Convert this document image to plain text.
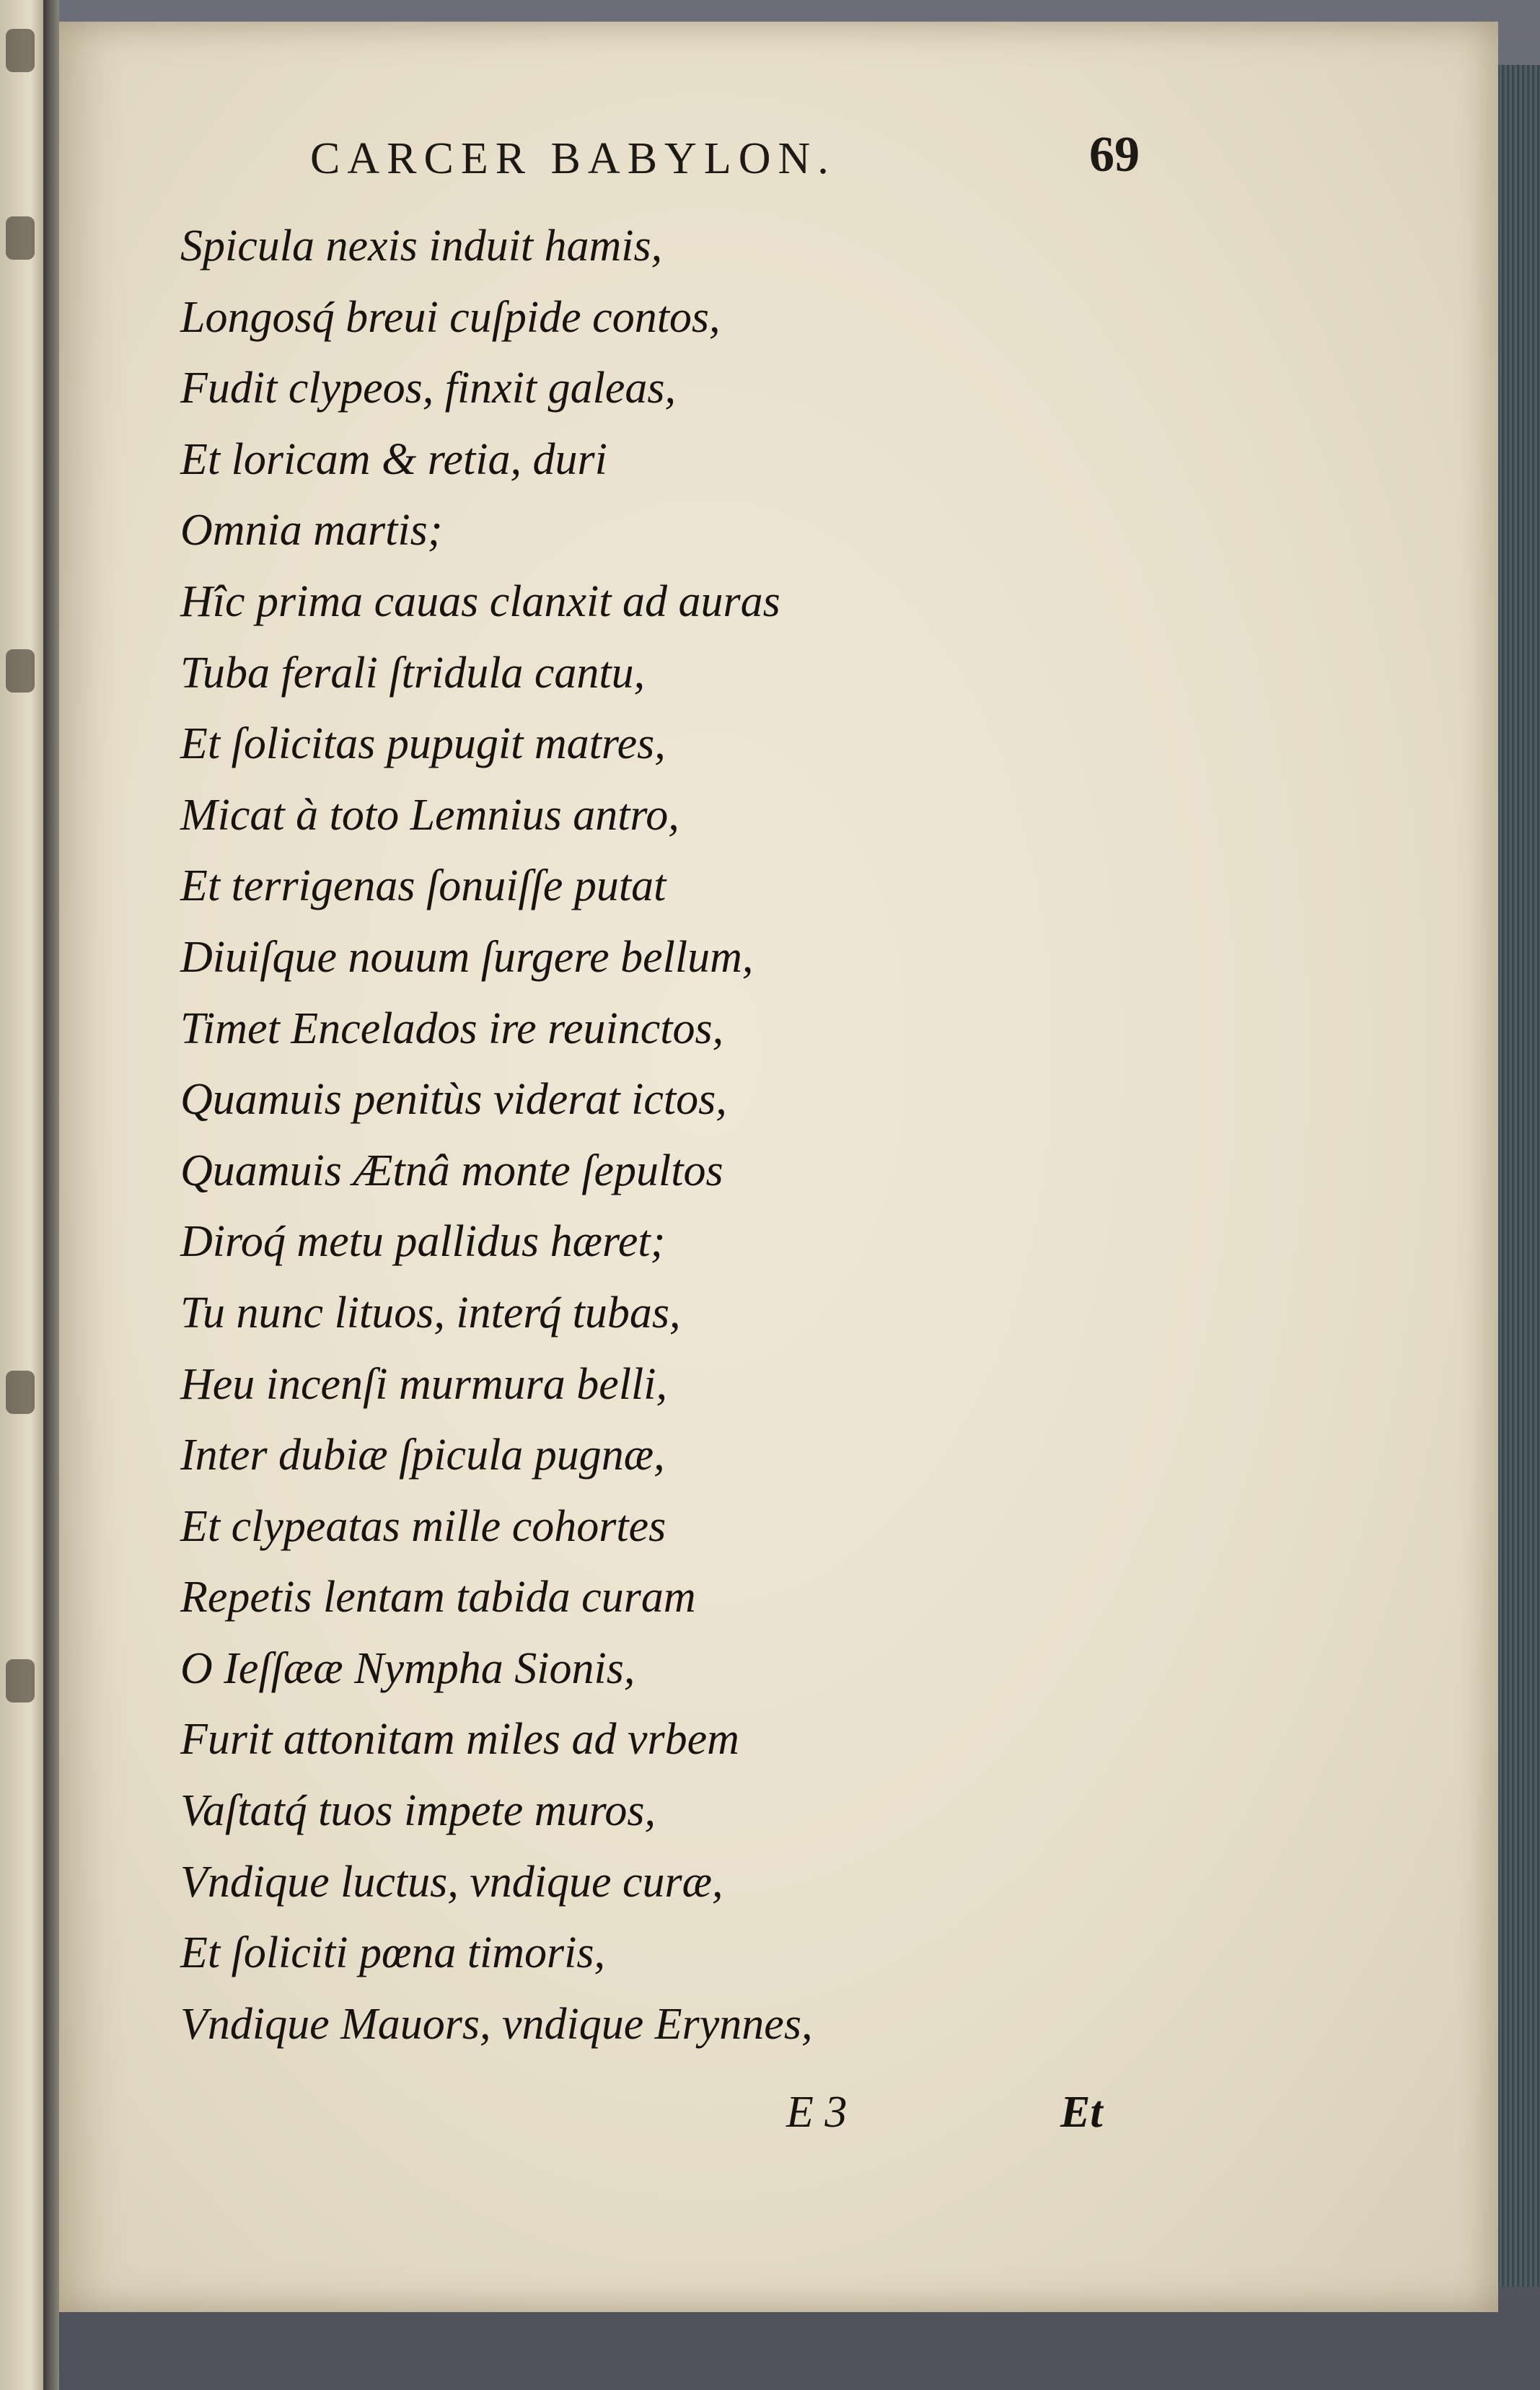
CARCER BABYLON.	69
Spicula nexis induit hamis,
Longosq́ breui cuſpide contos,
Fudit clypeos, finxit galeas,
Et loricam & retia, duri
Omnia martis;
Hîc prima cauas clanxit ad auras
Tuba ferali ſtridula cantu,
Et ſolicitas pupugit matres,
Micat à toto Lemnius antro,
Et terrigenas ſonuiſſe putat
Diuiſque nouum ſurgere bellum,
Timet Encelados ire reuinctos,
Quamuis penitùs viderat ictos,
Quamuis Ætnâ monte ſepultos
Diroq́ metu pallidus hæret;
Tu nunc lituos, interq́ tubas,
Heu incenſi murmura belli,
Inter dubiæ ſpicula pugnæ,
Et clypeatas mille cohortes
Repetis lentam tabida curam
O Ieſſææ Nympha Sionis,
Furit attonitam miles ad vrbem
Vaſtatq́ tuos impete muros,
Vndique luctus, vndique curæ,
Et ſoliciti pœna timoris,
Vndique Mauors, vndique Erynnes,
E 3	Et
